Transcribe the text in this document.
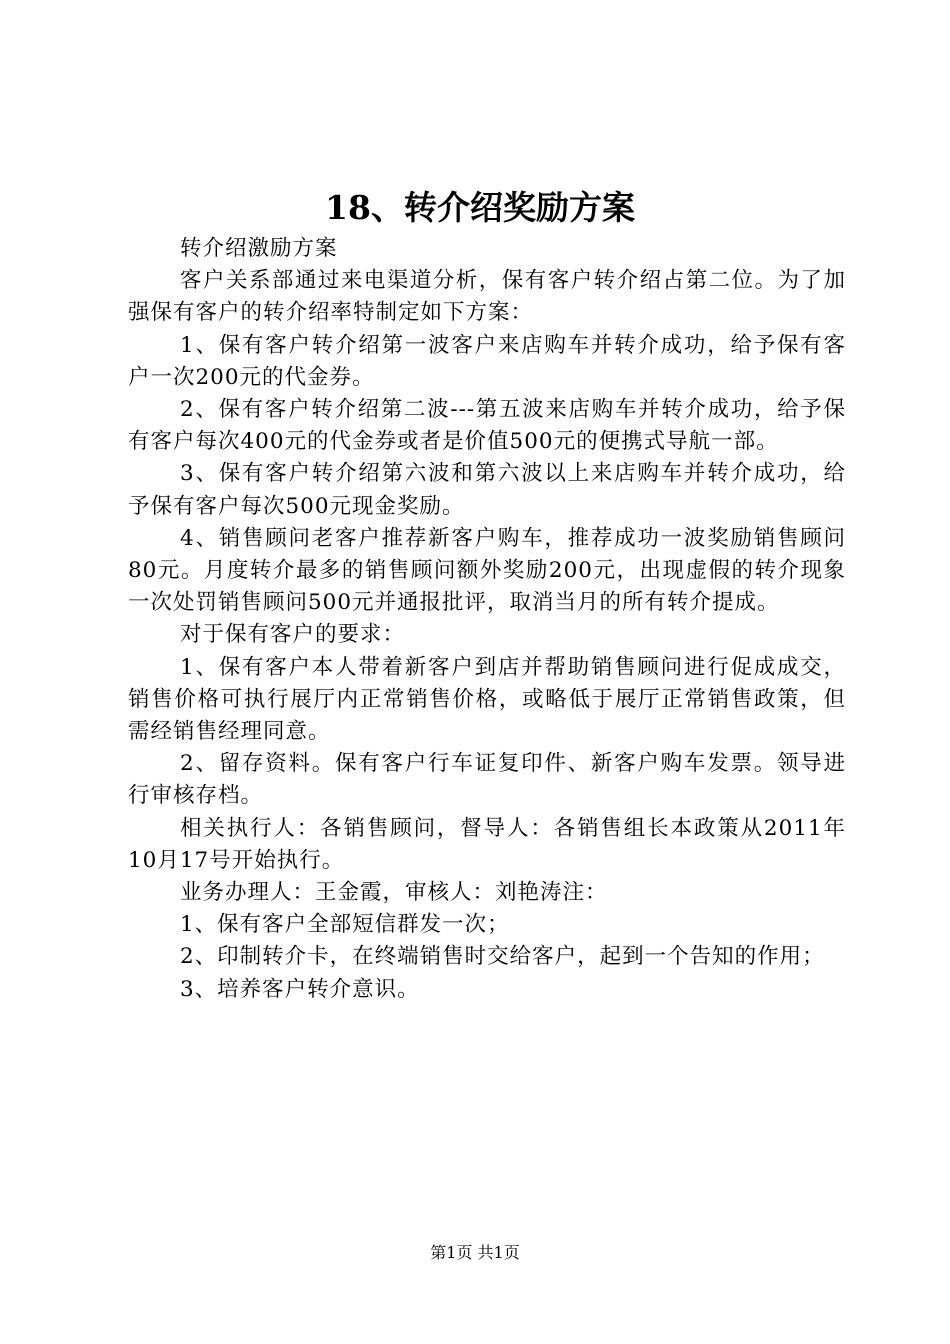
18、转介绍奖励方案

转介绍激励方案

客户关系部通过来电渠道分析，保有客户转介绍占第二位。为了加强保有客户的转介绍率特制定如下方案：

1、保有客户转介绍第一波客户来店购车并转介成功，给予保有客户一次200元的代金券。

2、保有客户转介绍第二波---第五波来店购车并转介成功，给予保有客户每次400元的代金券或者是价值500元的便携式导航一部。

3、保有客户转介绍第六波和第六波以上来店购车并转介成功，给予保有客户每次500元现金奖励。

4、销售顾问老客户推荐新客户购车，推荐成功一波奖励销售顾问80元。月度转介最多的销售顾问额外奖励200元，出现虚假的转介现象一次处罚销售顾问500元并通报批评，取消当月的所有转介提成。

对于保有客户的要求：

1、保有客户本人带着新客户到店并帮助销售顾问进行促成成交，销售价格可执行展厅内正常销售价格，或略低于展厅正常销售政策，但需经销售经理同意。

2、留存资料。保有客户行车证复印件、新客户购车发票。领导进行审核存档。

相关执行人：各销售顾问，督导人：各销售组长本政策从2011年10月17号开始执行。

业务办理人：王金霞，审核人：刘艳涛注：

1、保有客户全部短信群发一次；

2、印制转介卡，在终端销售时交给客户，起到一个告知的作用；

3、培养客户转介意识。

第1页 共1页
